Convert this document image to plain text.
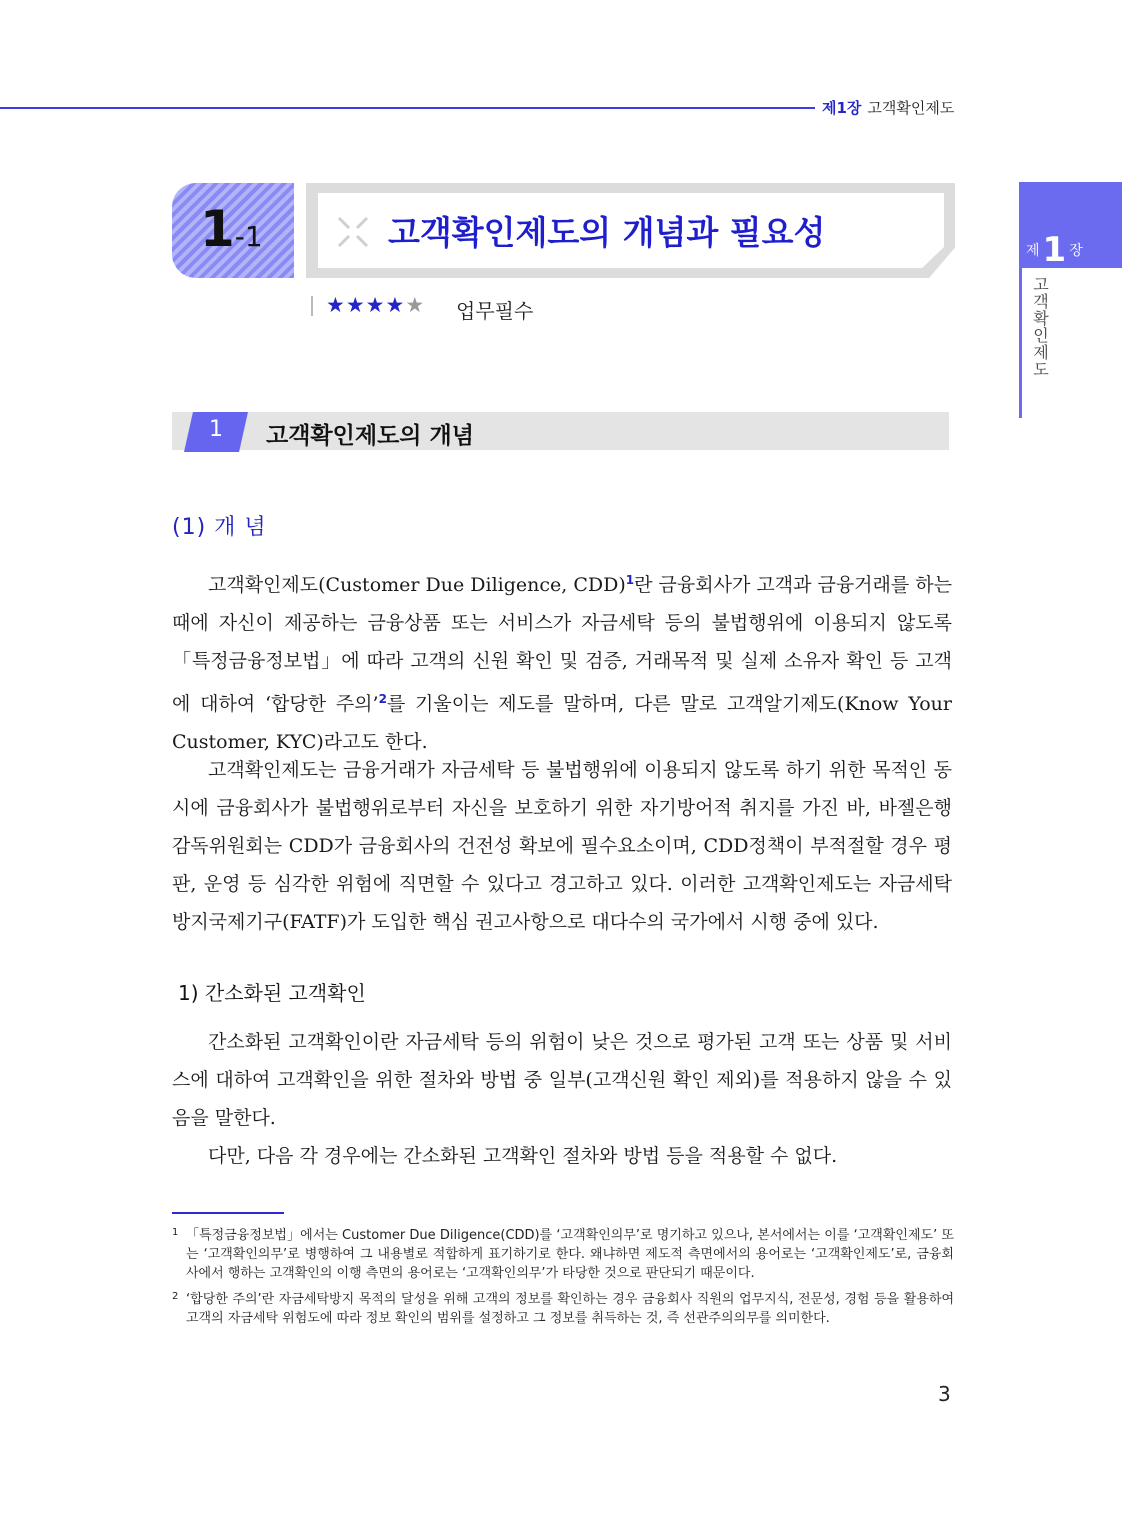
제1장 고객확인제도
제1 장
고
객
확
인
제
도
1-1	고객확인제도의 개념과 필요성
★★★★★ 업무필수
1	고객확인제도의 개념
(1) 개 념
고객확인제도(Customer Due Diligence, CDD)$^1$란 금융회사가 고객과 금융거래를 하는 때에 자신이 제공하는 금융상품 또는 서비스가 자금세탁 등의 불법행위에 이용되지 않도록 「특정금융정보법」에 따라 고객의 신원 확인 및 검증, 거래목적 및 실제 소유자 확인 등 고객에 대하여 ‘합당한 주의’$^2$를 기울이는 제도를 말하며, 다른 말로 고객알기제도(Know Your Customer, KYC)라고도 한다.
고객확인제도는 금융거래가 자금세탁 등 불법행위에 이용되지 않도록 하기 위한 목적인 동시에 금융회사가 불법행위로부터 자신을 보호하기 위한 자기방어적 취지를 가진 바, 바젤은행감독위원회는 CDD가 금융회사의 건전성 확보에 필수요소이며, CDD정책이 부적절할 경우 평판, 운영 등 심각한 위험에 직면할 수 있다고 경고하고 있다. 이러한 고객확인제도는 자금세탁방지국제기구(FATF)가 도입한 핵심 권고사항으로 대다수의 국가에서 시행 중에 있다.
1) 간소화된 고객확인
간소화된 고객확인이란 자금세탁 등의 위험이 낮은 것으로 평가된 고객 또는 상품 및 서비스에 대하여 고객확인을 위한 절차와 방법 중 일부(고객신원 확인 제외)를 적용하지 않을 수 있음을 말한다.
다만, 다음 각 경우에는 간소화된 고객확인 절차와 방법 등을 적용할 수 없다.
1 「특정금융정보법」에서는 Customer Due Diligence(CDD)를 ‘고객확인의무’로 명기하고 있으나, 본서에서는 이를 ‘고객확인제도’ 또는 ‘고객확인의무’로 병행하여 그 내용별로 적합하게 표기하기로 한다. 왜냐하면 제도적 측면에서의 용어로는 ‘고객확인제도’로, 금융회사에서 행하는 고객확인의 이행 측면의 용어로는 ‘고객확인의무’가 타당한 것으로 판단되기 때문이다.
2 ‘합당한 주의’란 자금세탁방지 목적의 달성을 위해 고객의 정보를 확인하는 경우 금융회사 직원의 업무지식, 전문성, 경험 등을 활용하여 고객의 자금세탁 위험도에 따라 정보 확인의 범위를 설정하고 그 정보를 취득하는 것, 즉 선관주의의무를 의미한다.
3
